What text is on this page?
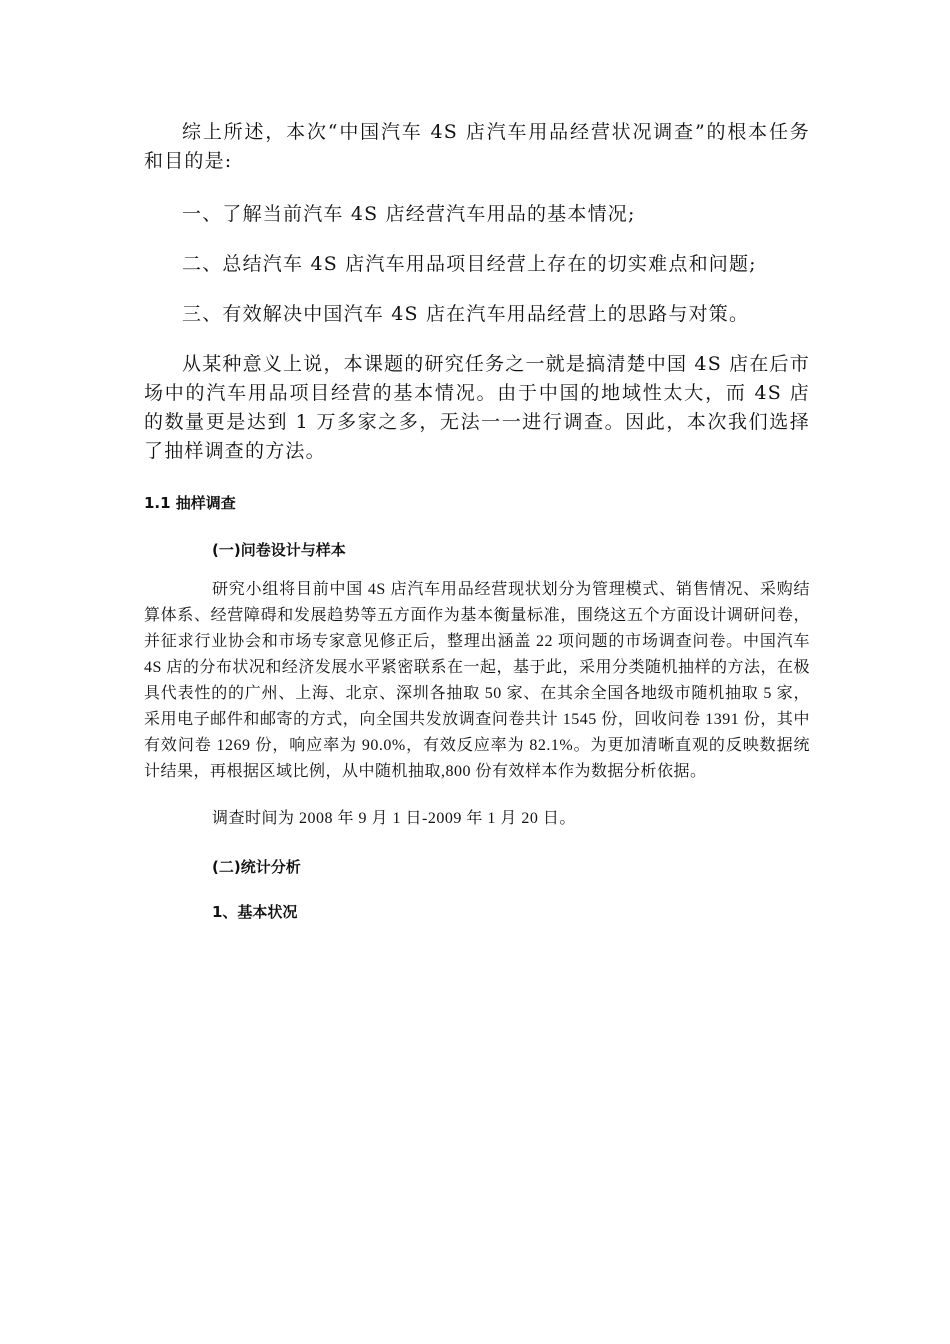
综上所述，本次“中国汽车 4S 店汽车用品经营状况调查”的根本任务和目的是:

一、了解当前汽车 4S 店经营汽车用品的基本情况;

二、总结汽车 4S 店汽车用品项目经营上存在的切实难点和问题;

三、有效解决中国汽车 4S 店在汽车用品经营上的思路与对策。

从某种意义上说，本课题的研究任务之一就是搞清楚中国 4S 店在后市场中的汽车用品项目经营的基本情况。由于中国的地域性太大，而 4S 店的数量更是达到 1 万多家之多，无法一一进行调查。因此，本次我们选择了抽样调查的方法。

1.1 抽样调查

(一)问卷设计与样本

研究小组将目前中国 4S 店汽车用品经营现状划分为管理模式、销售情况、采购结算体系、经营障碍和发展趋势等五方面作为基本衡量标准，围绕这五个方面设计调研问卷，并征求行业协会和市场专家意见修正后，整理出涵盖 22 项问题的市场调查问卷。中国汽车 4S 店的分布状况和经济发展水平紧密联系在一起，基于此，采用分类随机抽样的方法，在极具代表性的的广州、上海、北京、深圳各抽取 50 家、在其余全国各地级市随机抽取 5 家，采用电子邮件和邮寄的方式，向全国共发放调查问卷共计 1545 份，回收问卷 1391 份，其中有效问卷 1269 份，响应率为 90.0%，有效反应率为 82.1%。为更加清晰直观的反映数据统计结果，再根据区域比例，从中随机抽取,800 份有效样本作为数据分析依据。

调查时间为 2008 年 9 月 1 日-2009 年 1 月 20 日。

(二)统计分析

1、基本状况
